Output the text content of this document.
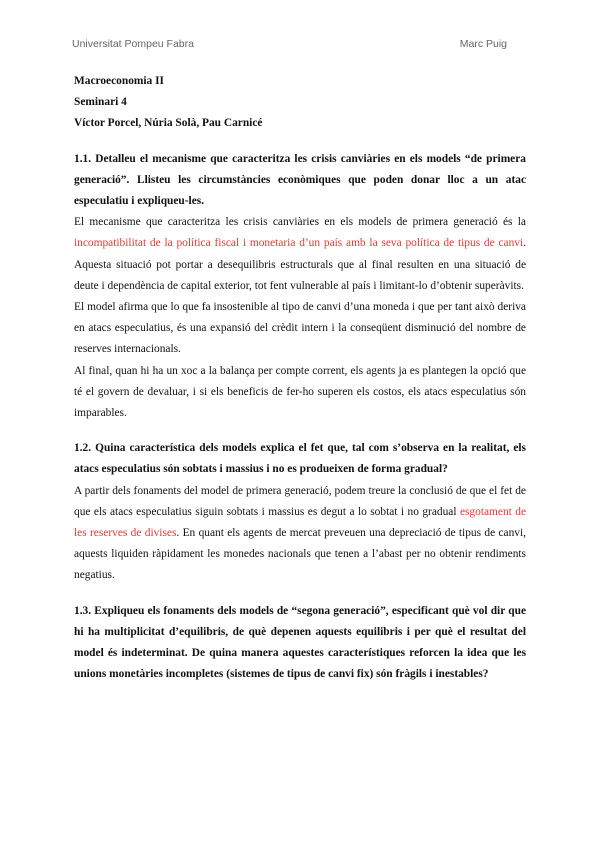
Universitat Pompeu Fabra	Marc Puig
Macroeconomia II
Seminari 4
Víctor Porcel, Núria Solà, Pau Carnicé

1.1. Detalleu el mecanisme que caracteritza les crisis canviàries en els models “de primera generació”. Llisteu les circumstàncies econòmiques que poden donar lloc a un atac especulatiu i expliqueu-les.

El mecanisme que caracteritza les crisis canviàries en els models de primera generació és la incompatibilitat de la política fiscal i monetaria d’un país amb la seva política de tipus de canvi. Aquesta situació pot portar a desequilibris estructurals que al final resulten en una situació de deute i dependència de capital exterior, tot fent vulnerable al país i limitant-lo d’obtenir superàvits.

El model afirma que lo que fa insostenible al tipo de canvi d’una moneda i que per tant això deriva en atacs especulatius, és una expansió del crèdit intern i la conseqüent disminució del nombre de reserves internacionals.

Al final, quan hi ha un xoc a la balança per compte corrent, els agents ja es plantegen la opció que té el govern de devaluar, i si els beneficis de fer-ho superen els costos, els atacs especulatius són imparables.

1.2. Quina característica dels models explica el fet que, tal com s’observa en la realitat, els atacs especulatius són sobtats i massius i no es produeixen de forma gradual?

A partir dels fonaments del model de primera generació, podem treure la conclusió de que el fet de que els atacs especulatius siguin sobtats i massius es degut a lo sobtat i no gradual esgotament de les reserves de divises. En quant els agents de mercat preveuen una depreciació de tipus de canvi, aquests liquiden ràpidament les monedes nacionals que tenen a l’abast per no obtenir rendiments negatius.

1.3. Expliqueu els fonaments dels models de “segona generació”, especificant què vol dir que hi ha multiplicitat d’equilibris, de què depenen aquests equilibris i per què el resultat del model és indeterminat. De quina manera aquestes característiques reforcen la idea que les unions monetàries incompletes (sistemes de tipus de canvi fix) són fràgils i inestables?
